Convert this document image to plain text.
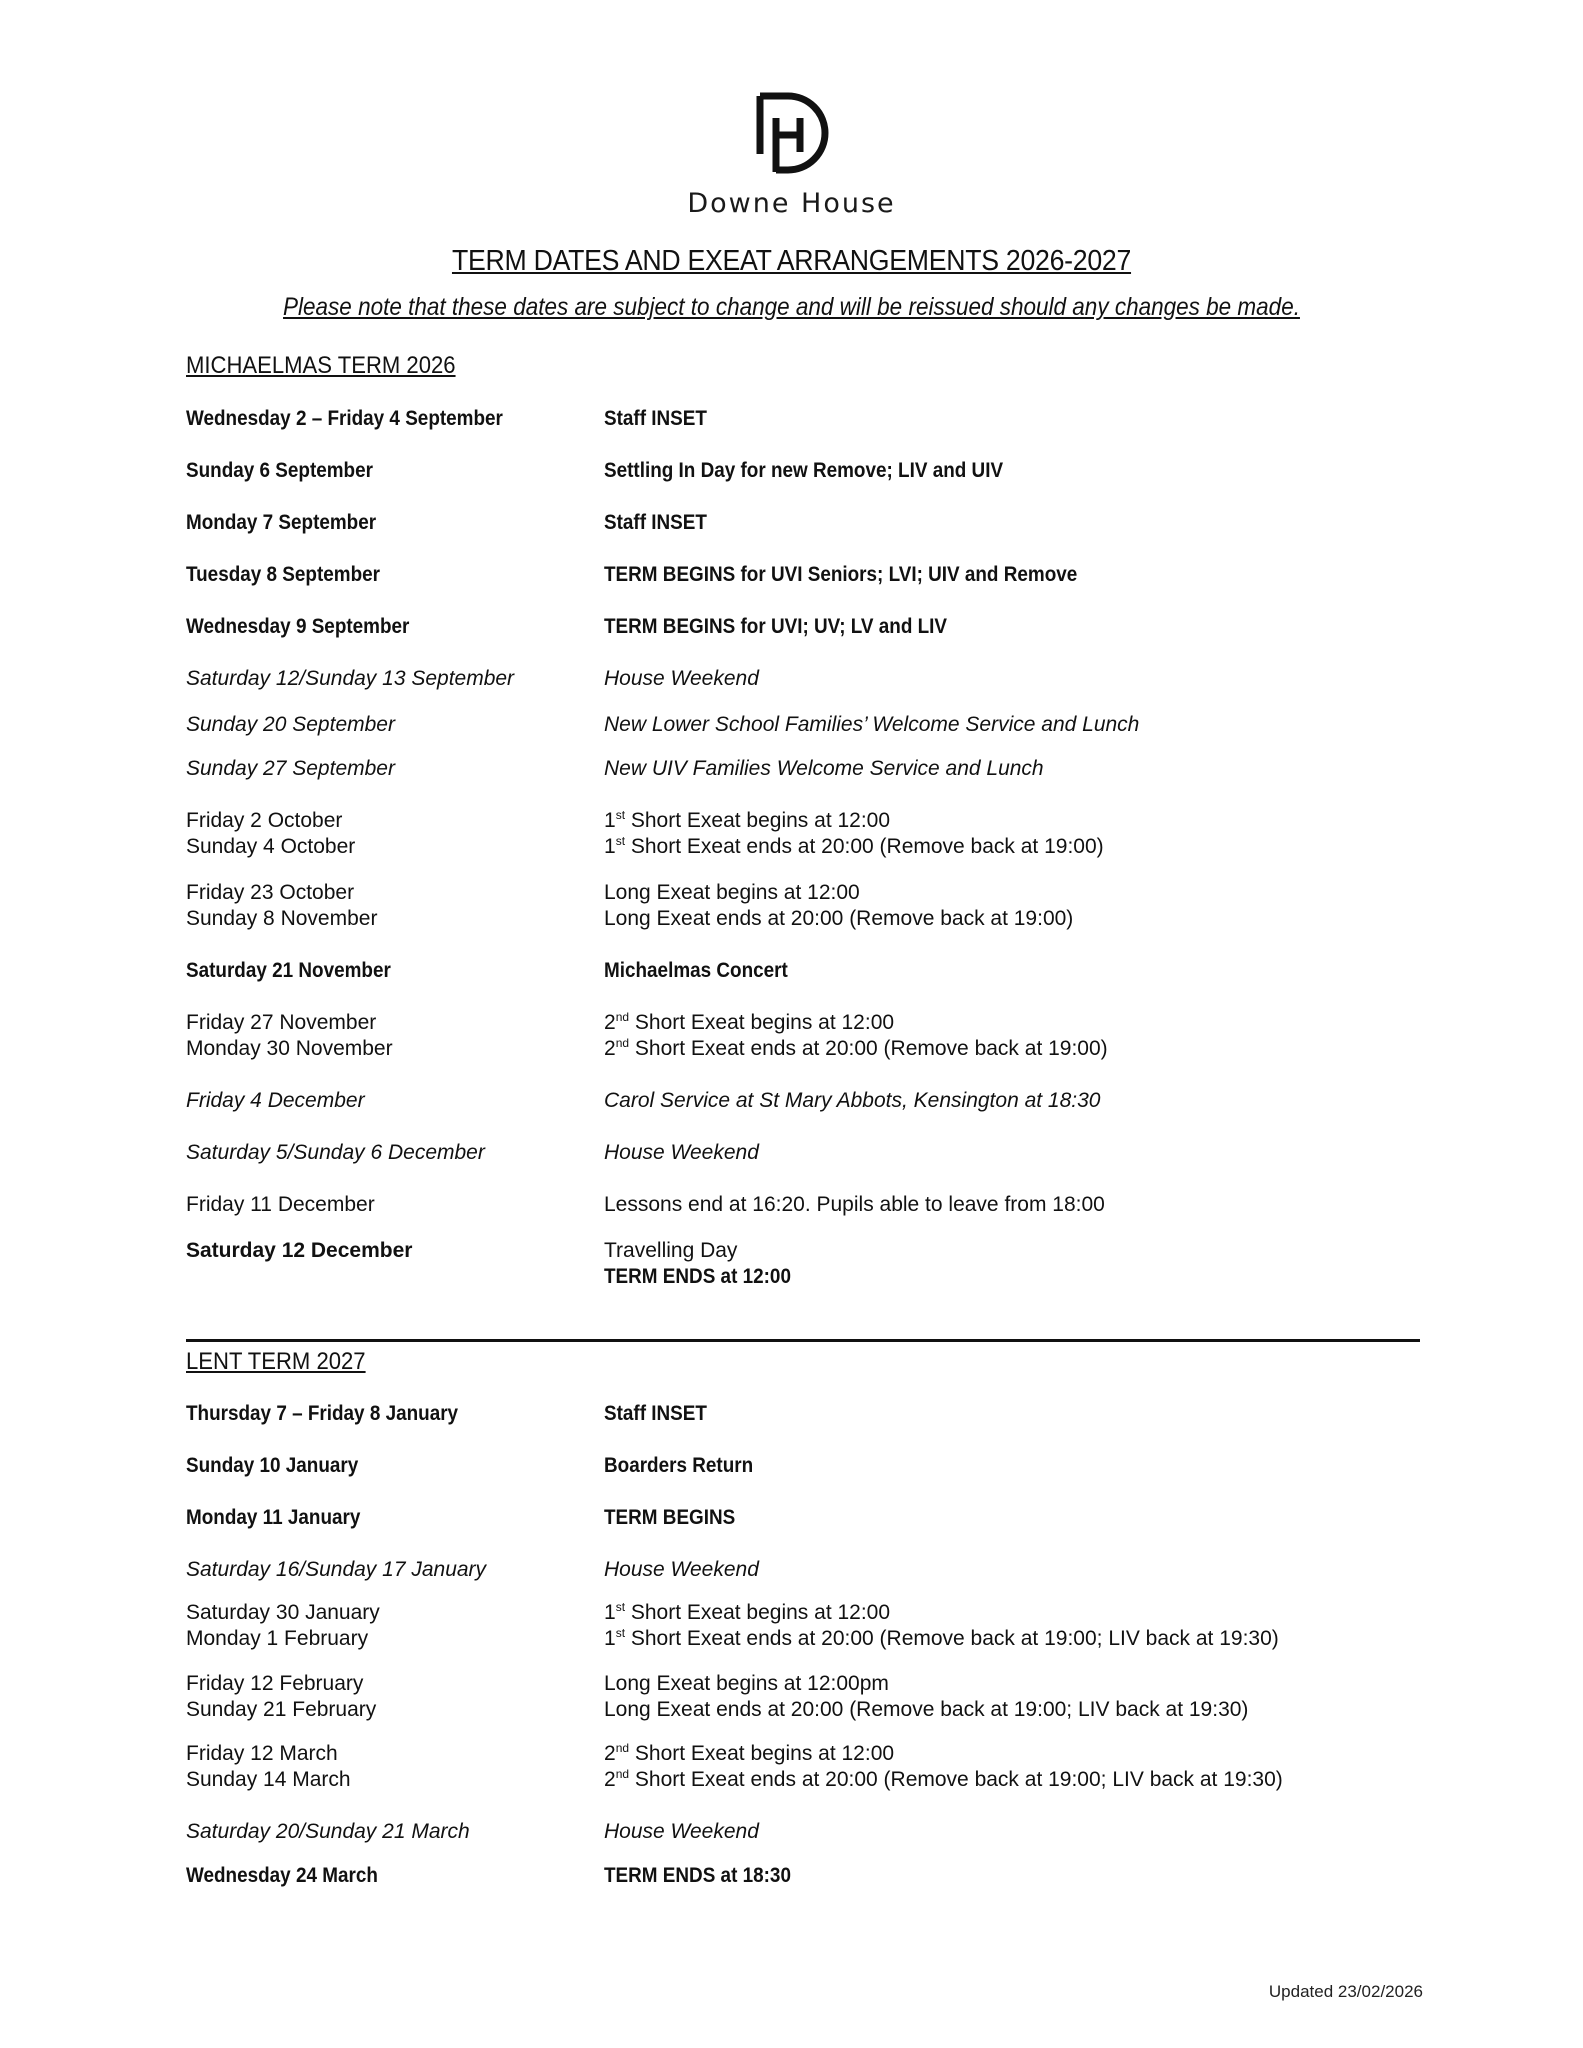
Downe House
TERM DATES AND EXEAT ARRANGEMENTS 2026-2027
Please note that these dates are subject to change and will be reissued should any changes be made.
MICHAELMAS TERM 2026
Wednesday 2 – Friday 4 September	Staff INSET
Sunday 6 September	Settling In Day for new Remove; LIV and UIV
Monday 7 September	Staff INSET
Tuesday 8 September	TERM BEGINS for UVI Seniors; LVI; UIV and Remove
Wednesday 9 September	TERM BEGINS for UVI; UV; LV and LIV
Saturday 12/Sunday 13 September	House Weekend
Sunday 20 September	New Lower School Families’ Welcome Service and Lunch
Sunday 27 September	New UIV Families Welcome Service and Lunch
Friday 2 October	1st Short Exeat begins at 12:00
Sunday 4 October	1st Short Exeat ends at 20:00 (Remove back at 19:00)
Friday 23 October	Long Exeat begins at 12:00
Sunday 8 November	Long Exeat ends at 20:00 (Remove back at 19:00)
Saturday 21 November	Michaelmas Concert
Friday 27 November	2nd Short Exeat begins at 12:00
Monday 30 November	2nd Short Exeat ends at 20:00 (Remove back at 19:00)
Friday 4 December	Carol Service at St Mary Abbots, Kensington at 18:30
Saturday 5/Sunday 6 December	House Weekend
Friday 11 December	Lessons end at 16:20. Pupils able to leave from 18:00
Saturday 12 December	Travelling Day
TERM ENDS at 12:00
LENT TERM 2027
Thursday 7 – Friday 8 January	Staff INSET
Sunday 10 January	Boarders Return
Monday 11 January	TERM BEGINS
Saturday 16/Sunday 17 January	House Weekend
Saturday 30 January	1st Short Exeat begins at 12:00
Monday 1 February	1st Short Exeat ends at 20:00 (Remove back at 19:00; LIV back at 19:30)
Friday 12 February	Long Exeat begins at 12:00pm
Sunday 21 February	Long Exeat ends at 20:00 (Remove back at 19:00; LIV back at 19:30)
Friday 12 March	2nd Short Exeat begins at 12:00
Sunday 14 March	2nd Short Exeat ends at 20:00 (Remove back at 19:00; LIV back at 19:30)
Saturday 20/Sunday 21 March	House Weekend
Wednesday 24 March	TERM ENDS at 18:30
Updated 23/02/2026
